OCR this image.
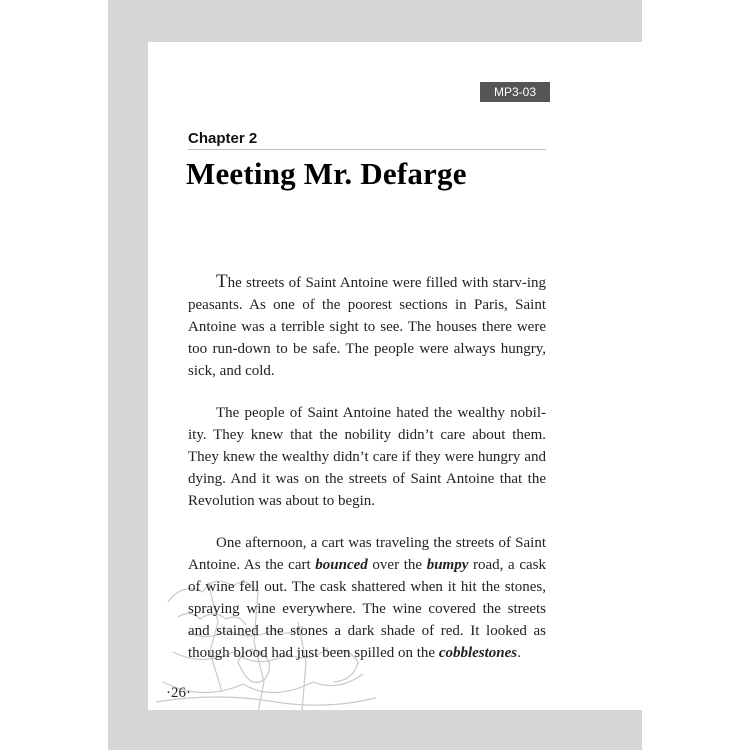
MP3-03
Chapter 2
Meeting Mr. Defarge

The streets of Saint Antoine were filled with starv-ing peasants. As one of the poorest sections in Paris, Saint Antoine was a terrible sight to see. The houses there were too run-down to be safe. The people were always hungry, sick, and cold.

The people of Saint Antoine hated the wealthy nobil-ity. They knew that the nobility didn’t care about them. They knew the wealthy didn’t care if they were hungry and dying. And it was on the streets of Saint Antoine that the Revolution was about to begin.

One afternoon, a cart was traveling the streets of Saint Antoine. As the cart bounced over the bumpy road, a cask of wine fell out. The cask shattered when it hit the stones, spraying wine everywhere. The wine covered the streets and stained the stones a dark shade of red. It looked as though blood had just been spilled on the cobblestones.

·26·
